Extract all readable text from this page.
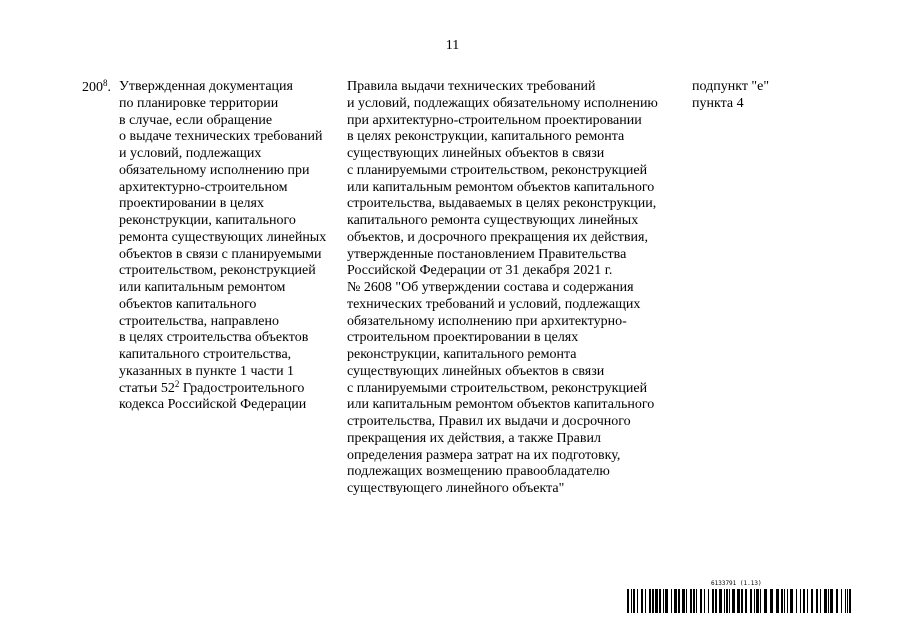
11
$200^8$. Утвержденная документация
по планировке территории
в случае, если обращение
о выдаче технических требований
и условий, подлежащих
обязательному исполнению при
архитектурно-строительном
проектировании в целях
реконструкции, капитального
ремонта существующих линейных
объектов в связи с планируемыми
строительством, реконструкцией
или капитальным ремонтом
объектов капитального
строительства, направлено
в целях строительства объектов
капитального строительства,
указанных в пункте 1 части 1
статьи $52^2$ Градостроительного
кодекса Российской Федерации
Правила выдачи технических требований
и условий, подлежащих обязательному исполнению
при архитектурно-строительном проектировании
в целях реконструкции, капитального ремонта
существующих линейных объектов в связи
с планируемыми строительством, реконструкцией
или капитальным ремонтом объектов капитального
строительства, выдаваемых в целях реконструкции,
капитального ремонта существующих линейных
объектов, и досрочного прекращения их действия,
утвержденные постановлением Правительства
Российской Федерации от 31 декабря 2021 г.
№ 2608 "Об утверждении состава и содержания
технических требований и условий, подлежащих
обязательному исполнению при архитектурно-
строительном проектировании в целях
реконструкции, капитального ремонта
существующих линейных объектов в связи
с планируемыми строительством, реконструкцией
или капитальным ремонтом объектов капитального
строительства, Правил их выдачи и досрочного
прекращения их действия, а также Правил
определения размера затрат на их подготовку,
подлежащих возмещению правообладателю
существующего линейного объекта"
подпункт "е"
пункта 4
6133791 (1.13)
